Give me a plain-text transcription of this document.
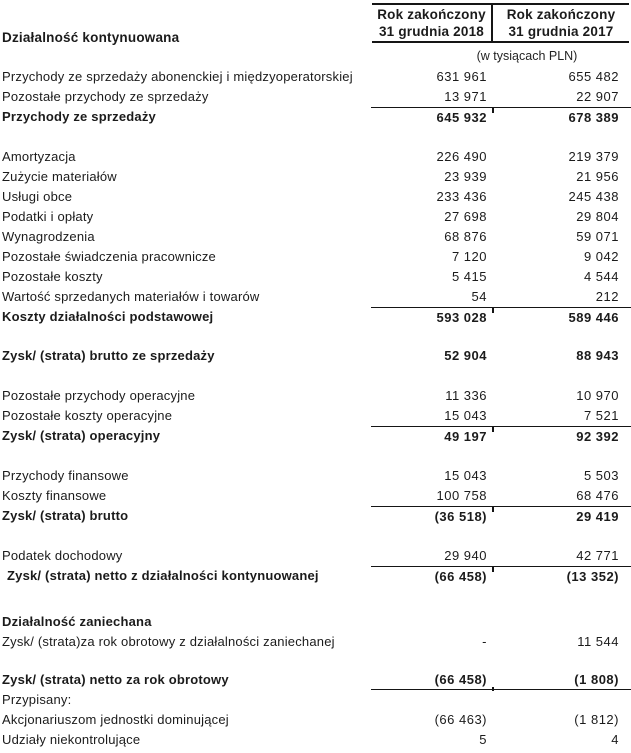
Rok zakończony
31 grudnia 2018
Rok zakończony
31 grudnia 2017
Działalność kontynuowana
(w tysiącach PLN)
Przychody ze sprzedaży abonenckiej i międzyoperatorskiej	631 961	655 482
Pozostałe przychody ze sprzedaży	13 971	22 907
Przychody ze sprzedaży	645 932	678 389
Amortyzacja	226 490	219 379
Zużycie materiałów	23 939	21 956
Usługi obce	233 436	245 438
Podatki i opłaty	27 698	29 804
Wynagrodzenia	68 876	59 071
Pozostałe świadczenia pracownicze	7 120	9 042
Pozostałe koszty	5 415	4 544
Wartość sprzedanych materiałów i towarów	54	212
Koszty działalności podstawowej	593 028	589 446
Zysk/ (strata) brutto ze sprzedaży	52 904	88 943
Pozostałe przychody operacyjne	11 336	10 970
Pozostałe koszty operacyjne	15 043	7 521
Zysk/ (strata) operacyjny	49 197	92 392
Przychody finansowe	15 043	5 503
Koszty finansowe	100 758	68 476
Zysk/ (strata) brutto	(36 518)	29 419
Podatek dochodowy	29 940	42 771
Zysk/ (strata) netto z działalności kontynuowanej	(66 458)	(13 352)
Działalność zaniechana
Zysk/ (strata)za rok obrotowy z działalności zaniechanej	-	11 544
Zysk/ (strata) netto za rok obrotowy	(66 458)	(1 808)
Przypisany:
Akcjonariuszom jednostki dominującej	(66 463)	(1 812)
Udziały niekontrolujące	5	4
